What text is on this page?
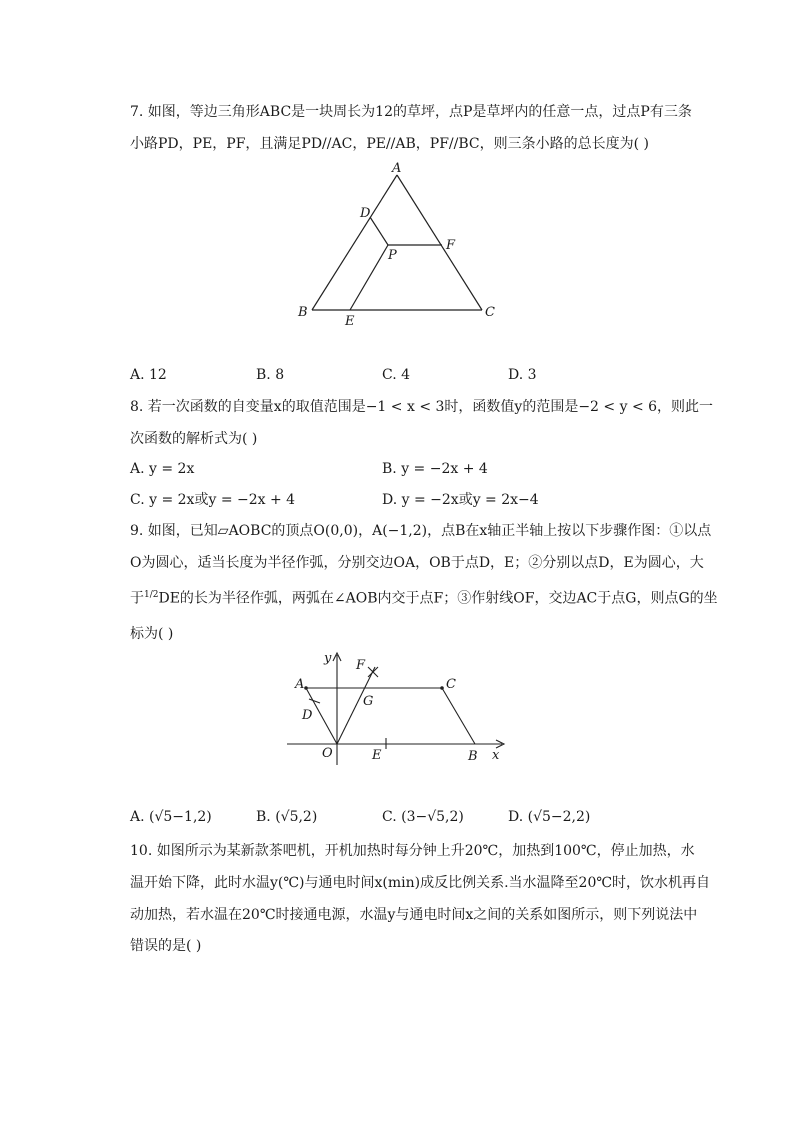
7. 如图，等边三角形ABC是一块周长为12的草坪，点P是草坪内的任意一点，过点P有三条
小路PD，PE，PF，且满足PD//AC，PE//AB，PF//BC，则三条小路的总长度为( )
A
B	C
D
E
F
P
A. 12	B. 8	C. 4	D. 3
8. 若一次函数的自变量x的取值范围是−1 < x < 3时，函数值y的范围是−2 < y < 6，则此一
次函数的解析式为( )
A. y = 2x	B. y = −2x + 4
C. y = 2x或y = −2x + 4	D. y = −2x或y = 2x−4
9. 如图，已知▱AOBC的顶点O(0,0)，A(−1,2)，点B在x轴正半轴上按以下步骤作图：①以点
O为圆心，适当长度为半径作弧，分别交边OA，OB于点D，E；②分别以点D，E为圆心，大
于$^{1/2}$DE的长为半径作弧，两弧在∠AOB内交于点F；③作射线OF，交边AC于点G，则点G的坐
标为( )
y
x
A	C
F
G
D
O	E	B
A. (√5−1,2)	B. (√5,2)	C. (3−√5,2)	D. (√5−2,2)
10. 如图所示为某新款茶吧机，开机加热时每分钟上升20℃，加热到100℃，停止加热，水
温开始下降，此时水温y(℃)与通电时间x(min)成反比例关系.当水温降至20℃时，饮水机再自
动加热，若水温在20℃时接通电源，水温y与通电时间x之间的关系如图所示，则下列说法中
错误的是( )
